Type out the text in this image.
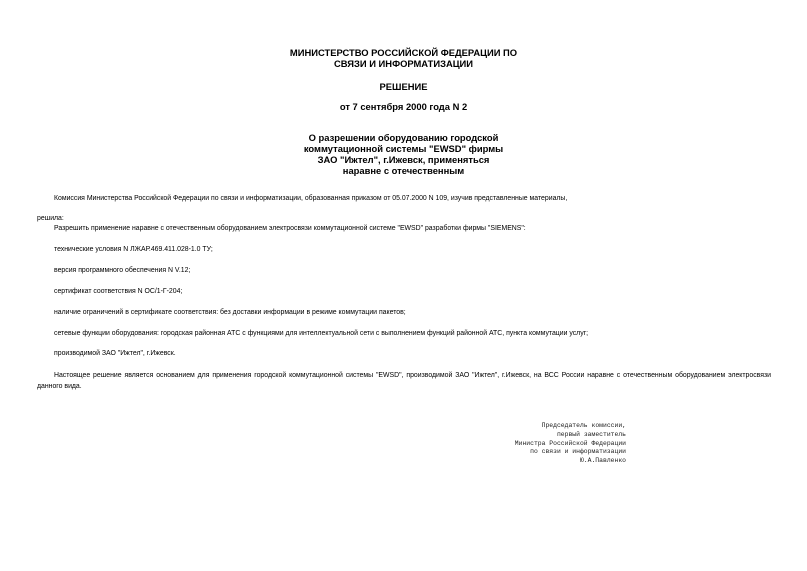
МИНИСТЕРСТВО РОССИЙСКОЙ ФЕДЕРАЦИИ ПО
СВЯЗИ И ИНФОРМАТИЗАЦИИ
РЕШЕНИЕ
от 7 сентября 2000 года N 2
О разрешении оборудованию городской
коммутационной системы "EWSD" фирмы
ЗАО "Ижтел", г.Ижевск, применяться
наравне с отечественным
Комиссия Министерства Российской Федерации по связи и информатизации, образованная приказом от 05.07.2000 N 109, изучив представленные материалы,
решила:
Разрешить применение наравне с отечественным оборудованием электросвязи коммутационной системе "EWSD" разработки фирмы "SIEMENS":
технические условия N ЛЖАР.469.411.028-1.0 ТУ;
версия программного обеспечения N V.12;
сертификат соответствия N ОС/1-Г-204;
наличие ограничений в сертификате соответствия: без доставки информации в режиме коммутации пакетов;
сетевые функции оборудования: городская районная АТС с функциями для интеллектуальной сети с выполнением функций районной АТС, пункта коммутации услуг;
производимой ЗАО "Ижтел", г.Ижевск.
Настоящее решение является основанием для применения городской коммутационной системы "EWSD", производимой ЗАО "Ижтел", г.Ижевск, на ВСС России наравне с отечественным оборудованием электросвязи данного вида.
Председатель комиссии,
первый заместитель
Министра Российской Федерации
по связи и информатизации
Ю.А.Павленко
